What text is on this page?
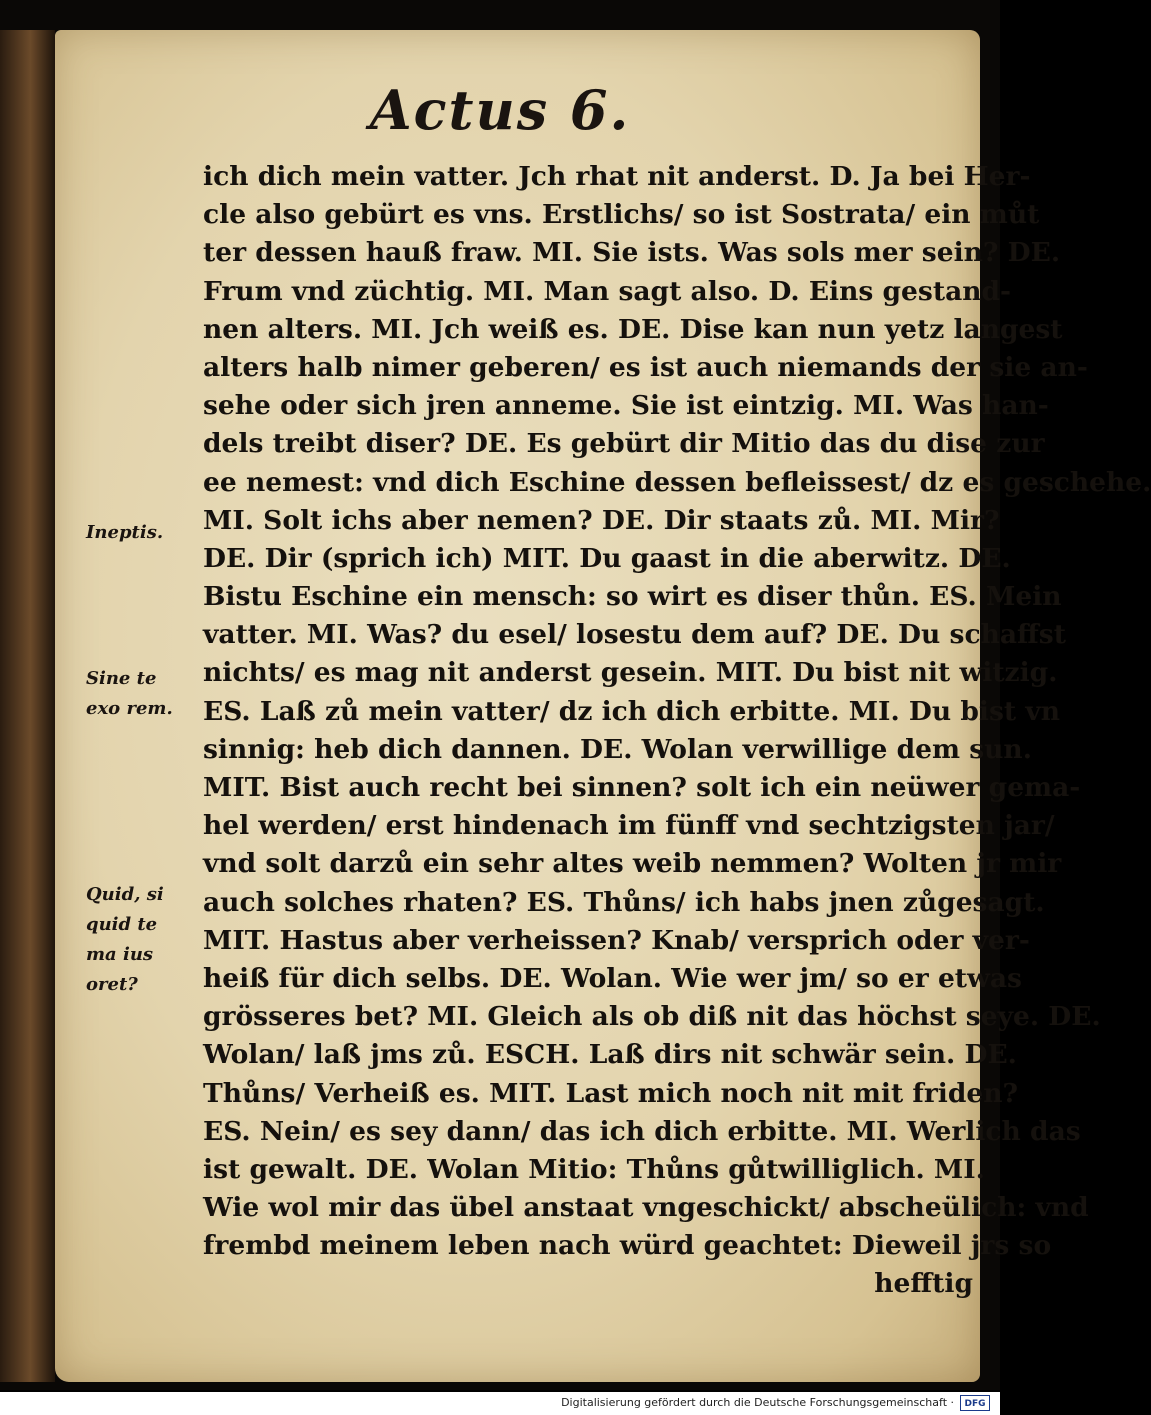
Actus 6.
ich dich mein vatter. Jch rhat nit anderst. D. Ja bei Her-
cle also gebürt es vns. Erstlichs/ so ist Sostrata/ ein můt
ter dessen hauß fraw. MI. Sie ists. Was sols mer sein? DE.
Frum vnd züchtig. MI. Man sagt also. D. Eins gestand-
nen alters. MI. Jch weiß es. DE. Dise kan nun yetz langest
alters halb nimer geberen/ es ist auch niemands der sie an-
sehe oder sich jren anneme. Sie ist eintzig. MI. Was han-
dels treibt diser? DE. Es gebürt dir Mitio das du dise zur
ee nemest: vnd dich Eschine dessen befleissest/ dz es geschehe.
MI. Solt ichs aber nemen? DE. Dir staats zů. MI. Mir?
DE. Dir (sprich ich) MIT. Du gaast in die aberwitz. DE.
Bistu Eschine ein mensch: so wirt es diser thůn. ES. Mein
vatter. MI. Was? du esel/ losestu dem auf? DE. Du schaffst
nichts/ es mag nit anderst gesein. MIT. Du bist nit witzig.
ES. Laß zů mein vatter/ dz ich dich erbitte. MI. Du bist vn
sinnig: heb dich dannen. DE. Wolan verwillige dem sun.
MIT. Bist auch recht bei sinnen? solt ich ein neüwer gema-
hel werden/ erst hindenach im fünff vnd sechtzigsten jar/
vnd solt darzů ein sehr altes weib nemmen? Wolten jr mir
auch solches rhaten? ES. Thůns/ ich habs jnen zůgesagt.
MIT. Hastus aber verheissen? Knab/ versprich oder ver-
heiß für dich selbs. DE. Wolan. Wie wer jm/ so er etwas
grösseres bet? MI. Gleich als ob diß nit das höchst seye. DE.
Wolan/ laß jms zů. ESCH. Laß dirs nit schwär sein. DE.
Thůns/ Verheiß es. MIT. Last mich noch nit mit friden?
ES. Nein/ es sey dann/ das ich dich erbitte. MI. Werlich das
ist gewalt. DE. Wolan Mitio: Thůns gůtwilliglich. MI.
Wie wol mir das übel anstaat vngeschickt/ abscheülich: vnd
frembd meinem leben nach würd geachtet: Dieweil jrs so
hefftig
Ineptis.
Sine te exo rem.
Quid, si quid te ma ius oret?
Digitalisierung gefördert durch die Deutsche Forschungsgemeinschaft ·	DFG
